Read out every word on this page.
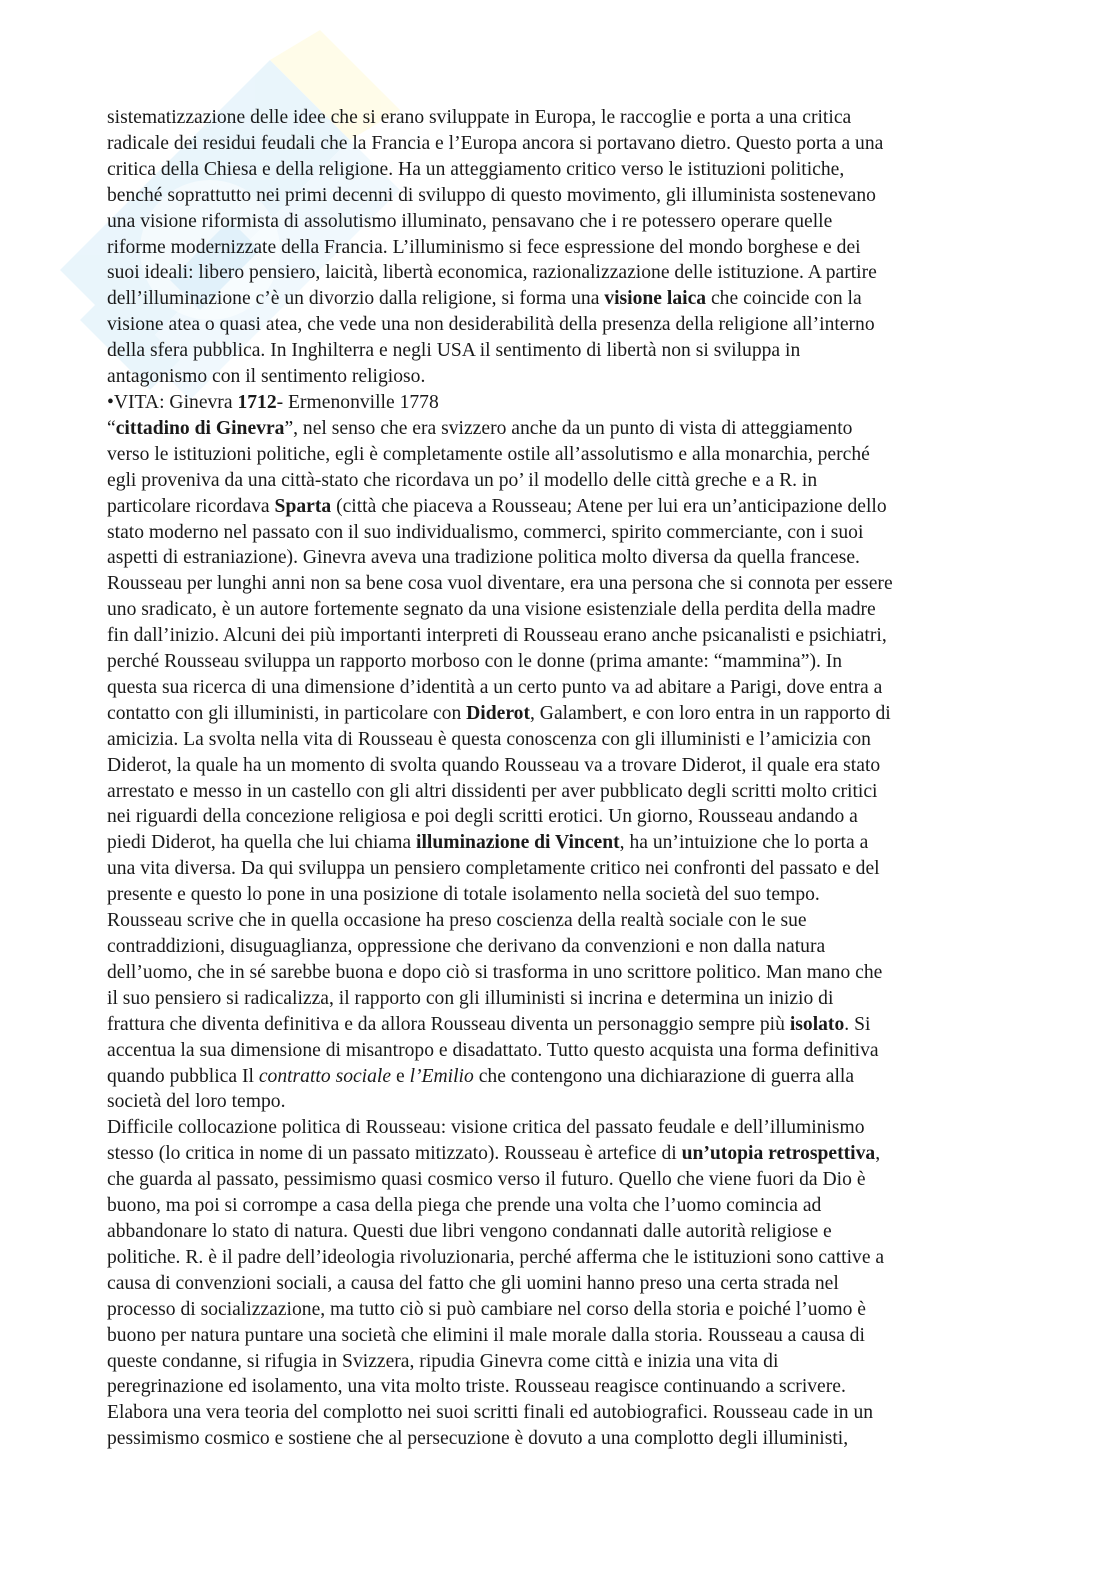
sistematizzazione delle idee che si erano sviluppate in Europa, le raccoglie e porta a una critica
radicale dei residui feudali che la Francia e l’Europa ancora si portavano dietro. Questo porta a una
critica della Chiesa e della religione. Ha un atteggiamento critico verso le istituzioni politiche,
benché soprattutto nei primi decenni di sviluppo di questo movimento, gli illuminista sostenevano
una visione riformista di assolutismo illuminato, pensavano che i re potessero operare quelle
riforme modernizzate della Francia. L’illuminismo si fece espressione del mondo borghese e dei
suoi ideali: libero pensiero, laicità, libertà economica, razionalizzazione delle istituzione. A partire
dell’illuminazione c’è un divorzio dalla religione, si forma una visione laica che coincide con la
visione atea o quasi atea, che vede una non desiderabilità della presenza della religione all’interno
della sfera pubblica. In Inghilterra e negli USA il sentimento di libertà non si sviluppa in
antagonismo con il sentimento religioso.
•VITA: Ginevra 1712- Ermenonville 1778
“cittadino di Ginevra”, nel senso che era svizzero anche da un punto di vista di atteggiamento
verso le istituzioni politiche, egli è completamente ostile all’assolutismo e alla monarchia, perché
egli proveniva da una città-stato che ricordava un po’ il modello delle città greche e a R. in
particolare ricordava Sparta (città che piaceva a Rousseau; Atene per lui era un’anticipazione dello
stato moderno nel passato con il suo individualismo, commerci, spirito commerciante, con i suoi
aspetti di estraniazione). Ginevra aveva una tradizione politica molto diversa da quella francese.
Rousseau per lunghi anni non sa bene cosa vuol diventare, era una persona che si connota per essere
uno sradicato, è un autore fortemente segnato da una visione esistenziale della perdita della madre
fin dall’inizio. Alcuni dei più importanti interpreti di Rousseau erano anche psicanalisti e psichiatri,
perché Rousseau sviluppa un rapporto morboso con le donne (prima amante: “mammina”). In
questa sua ricerca di una dimensione d’identità a un certo punto va ad abitare a Parigi, dove entra a
contatto con gli illuministi, in particolare con Diderot, Galambert, e con loro entra in un rapporto di
amicizia. La svolta nella vita di Rousseau è questa conoscenza con gli illuministi e l’amicizia con
Diderot, la quale ha un momento di svolta quando Rousseau va a trovare Diderot, il quale era stato
arrestato e messo in un castello con gli altri dissidenti per aver pubblicato degli scritti molto critici
nei riguardi della concezione religiosa e poi degli scritti erotici. Un giorno, Rousseau andando a
piedi Diderot, ha quella che lui chiama illuminazione di Vincent, ha un’intuizione che lo porta a
una vita diversa. Da qui sviluppa un pensiero completamente critico nei confronti del passato e del
presente e questo lo pone in una posizione di totale isolamento nella società del suo tempo.
Rousseau scrive che in quella occasione ha preso coscienza della realtà sociale con le sue
contraddizioni, disuguaglianza, oppressione che derivano da convenzioni e non dalla natura
dell’uomo, che in sé sarebbe buona e dopo ciò si trasforma in uno scrittore politico. Man mano che
il suo pensiero si radicalizza, il rapporto con gli illuministi si incrina e determina un inizio di
frattura che diventa definitiva e da allora Rousseau diventa un personaggio sempre più isolato. Si
accentua la sua dimensione di misantropo e disadattato. Tutto questo acquista una forma definitiva
quando pubblica Il contratto sociale e l’Emilio che contengono una dichiarazione di guerra alla
società del loro tempo.
Difficile collocazione politica di Rousseau: visione critica del passato feudale e dell’illuminismo
stesso (lo critica in nome di un passato mitizzato). Rousseau è artefice di un’utopia retrospettiva,
che guarda al passato, pessimismo quasi cosmico verso il futuro. Quello che viene fuori da Dio è
buono, ma poi si corrompe a casa della piega che prende una volta che l’uomo comincia ad
abbandonare lo stato di natura. Questi due libri vengono condannati dalle autorità religiose e
politiche. R. è il padre dell’ideologia rivoluzionaria, perché afferma che le istituzioni sono cattive a
causa di convenzioni sociali, a causa del fatto che gli uomini hanno preso una certa strada nel
processo di socializzazione, ma tutto ciò si può cambiare nel corso della storia e poiché l’uomo è
buono per natura puntare una società che elimini il male morale dalla storia. Rousseau a causa di
queste condanne, si rifugia in Svizzera, ripudia Ginevra come città e inizia una vita di
peregrinazione ed isolamento, una vita molto triste. Rousseau reagisce continuando a scrivere.
Elabora una vera teoria del complotto nei suoi scritti finali ed autobiografici. Rousseau cade in un
pessimismo cosmico e sostiene che al persecuzione è dovuto a una complotto degli illuministi,
